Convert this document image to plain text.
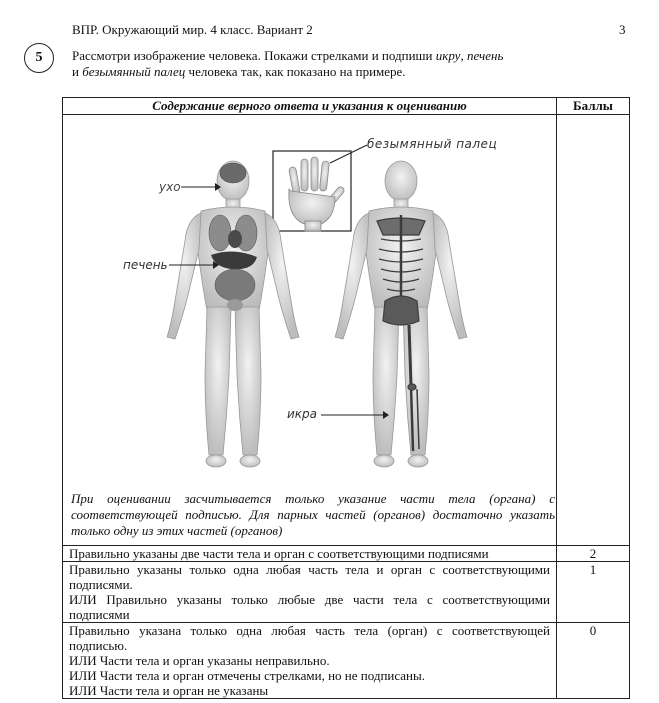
ВПР. Окружающий мир. 4 класс. Вариант 2	3
5	Рассмотри изображение человека. Покажи стрелками и подпиши икру, печень

и безымянный палец человека так, как показано на примере.

Содержание верного ответа и указания к оцениванию	Баллы

безымянный палец
ухо
печень
икра
При оценивании засчитывается только указание части тела (органа) с соответствующей подписью. Для парных частей (органов) достаточно указать только одну из этих частей (органов)	

Правильно указаны две части тела и орган с соответствующими подписями	2

Правильно указаны только одна любая часть тела и орган с соответствующими подписями.
ИЛИ Правильно указаны только любые две части тела с соответствующими подписями	1

Правильно указана только одна любая часть тела (орган) с соответствующей подписью.
ИЛИ Части тела и орган указаны неправильно.
ИЛИ Части тела и орган отмечены стрелками, но не подписаны.
ИЛИ Части тела и орган не указаны	0
